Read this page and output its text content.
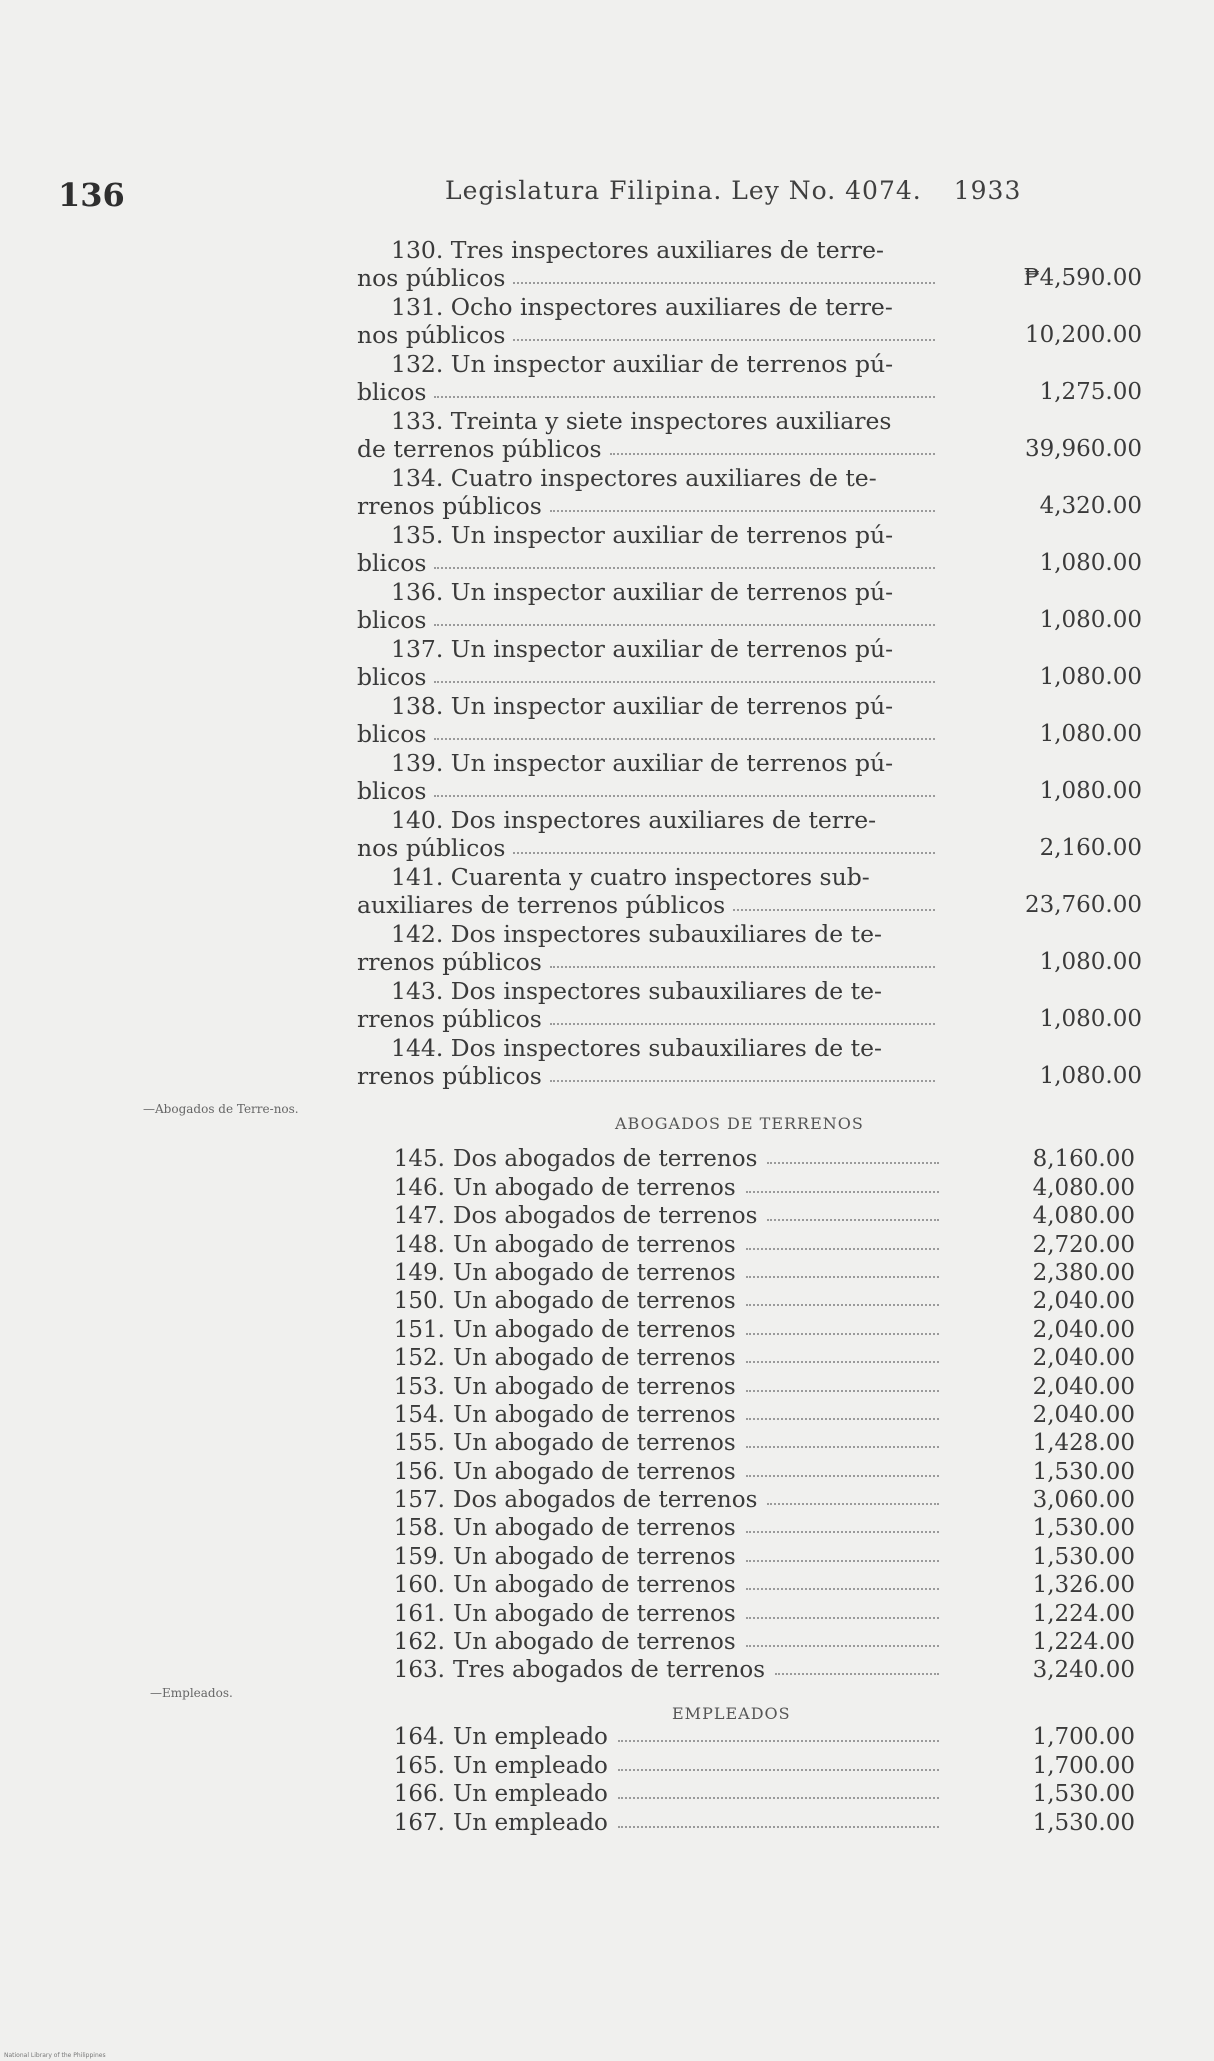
136	Legislatura Filipina. Ley No. 4074. 1933
130. Tres inspectores auxiliares de terre-
nos públicos	₱4,590.00
131. Ocho inspectores auxiliares de terre-
nos públicos	10,200.00
132. Un inspector auxiliar de terrenos pú-
blicos	1,275.00
133. Treinta y siete inspectores auxiliares
de terrenos públicos	39,960.00
134. Cuatro inspectores auxiliares de te-
rrenos públicos	4,320.00
135. Un inspector auxiliar de terrenos pú-
blicos	1,080.00
136. Un inspector auxiliar de terrenos pú-
blicos	1,080.00
137. Un inspector auxiliar de terrenos pú-
blicos	1,080.00
138. Un inspector auxiliar de terrenos pú-
blicos	1,080.00
139. Un inspector auxiliar de terrenos pú-
blicos	1,080.00
140. Dos inspectores auxiliares de terre-
nos públicos	2,160.00
141. Cuarenta y cuatro inspectores sub-
auxiliares de terrenos públicos	23,760.00
142. Dos inspectores subauxiliares de te-
rrenos públicos	1,080.00
143. Dos inspectores subauxiliares de te-
rrenos públicos	1,080.00
144. Dos inspectores subauxiliares de te-
rrenos públicos	1,080.00
—Abogados de Terre-nos.
ABOGADOS DE TERRENOS
145. Dos abogados de terrenos	8,160.00
146. Un abogado de terrenos	4,080.00
147. Dos abogados de terrenos	4,080.00
148. Un abogado de terrenos	2,720.00
149. Un abogado de terrenos	2,380.00
150. Un abogado de terrenos	2,040.00
151. Un abogado de terrenos	2,040.00
152. Un abogado de terrenos	2,040.00
153. Un abogado de terrenos	2,040.00
154. Un abogado de terrenos	2,040.00
155. Un abogado de terrenos	1,428.00
156. Un abogado de terrenos	1,530.00
157. Dos abogados de terrenos	3,060.00
158. Un abogado de terrenos	1,530.00
159. Un abogado de terrenos	1,530.00
160. Un abogado de terrenos	1,326.00
161. Un abogado de terrenos	1,224.00
162. Un abogado de terrenos	1,224.00
163. Tres abogados de terrenos	3,240.00
—Empleados.
EMPLEADOS
164. Un empleado	1,700.00
165. Un empleado	1,700.00
166. Un empleado	1,530.00
167. Un empleado	1,530.00
National Library of the Philippines
